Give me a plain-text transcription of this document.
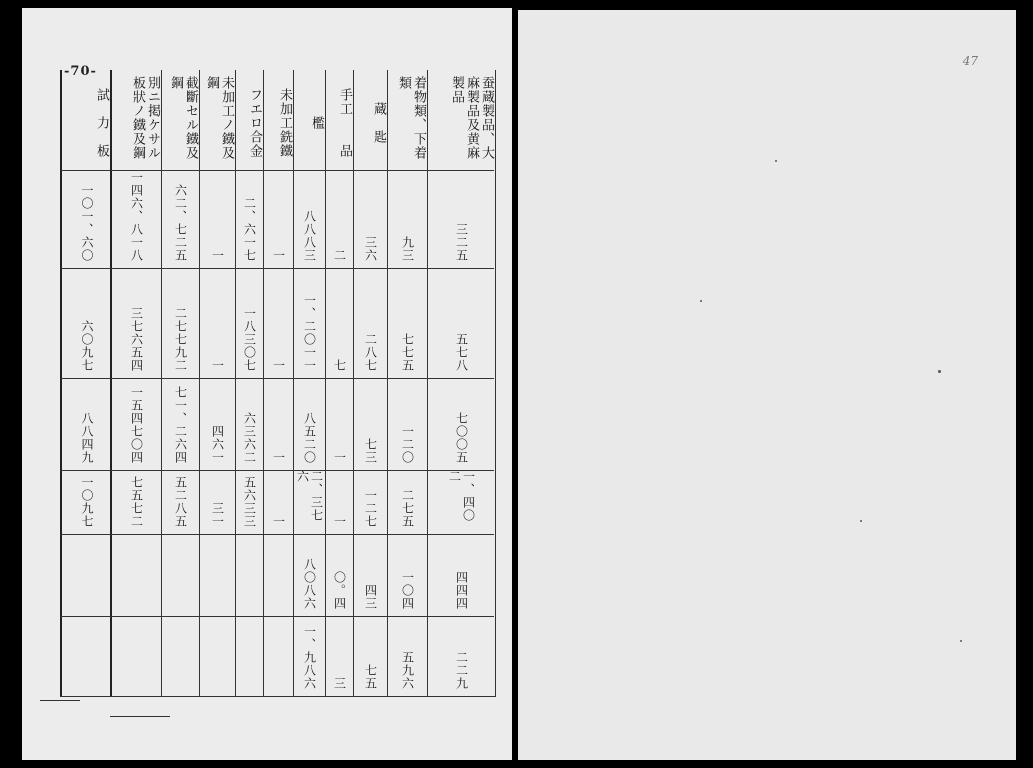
-70-
47
蚕蔵製品、大麻製品及黄麻製品
三二五
五七八
七〇〇五
一、四〇二
四四四
二二九
着物類、下着類
九三
七七五
一二〇
二七五
一〇四
五九六
蔵　匙
三六
二八七
七三
一二七
四三
七五
手工　　品
二
七
一
一
〇。四
三
檻
八八八三
一、二〇一一
八五二〇
二、三七六
八〇八六
一、九八六
未加工銑鐵
一
一
一
一
フエロ合金
二、六一七
一八三〇七
六三六二
五六三三
未加工ノ鐡及鋼
一
一
四六一
三一
截斷セル鐡及鋼
六二、七二五
二七七九二
七一、二六四
五二八五
別ニ掲ケサル板狀ノ鐡及鋼
一四六、八一八
三七六五四
一五四七〇四
七五七二
試　力　板
一〇一、六〇
六〇九七
八八四九
一〇九七
